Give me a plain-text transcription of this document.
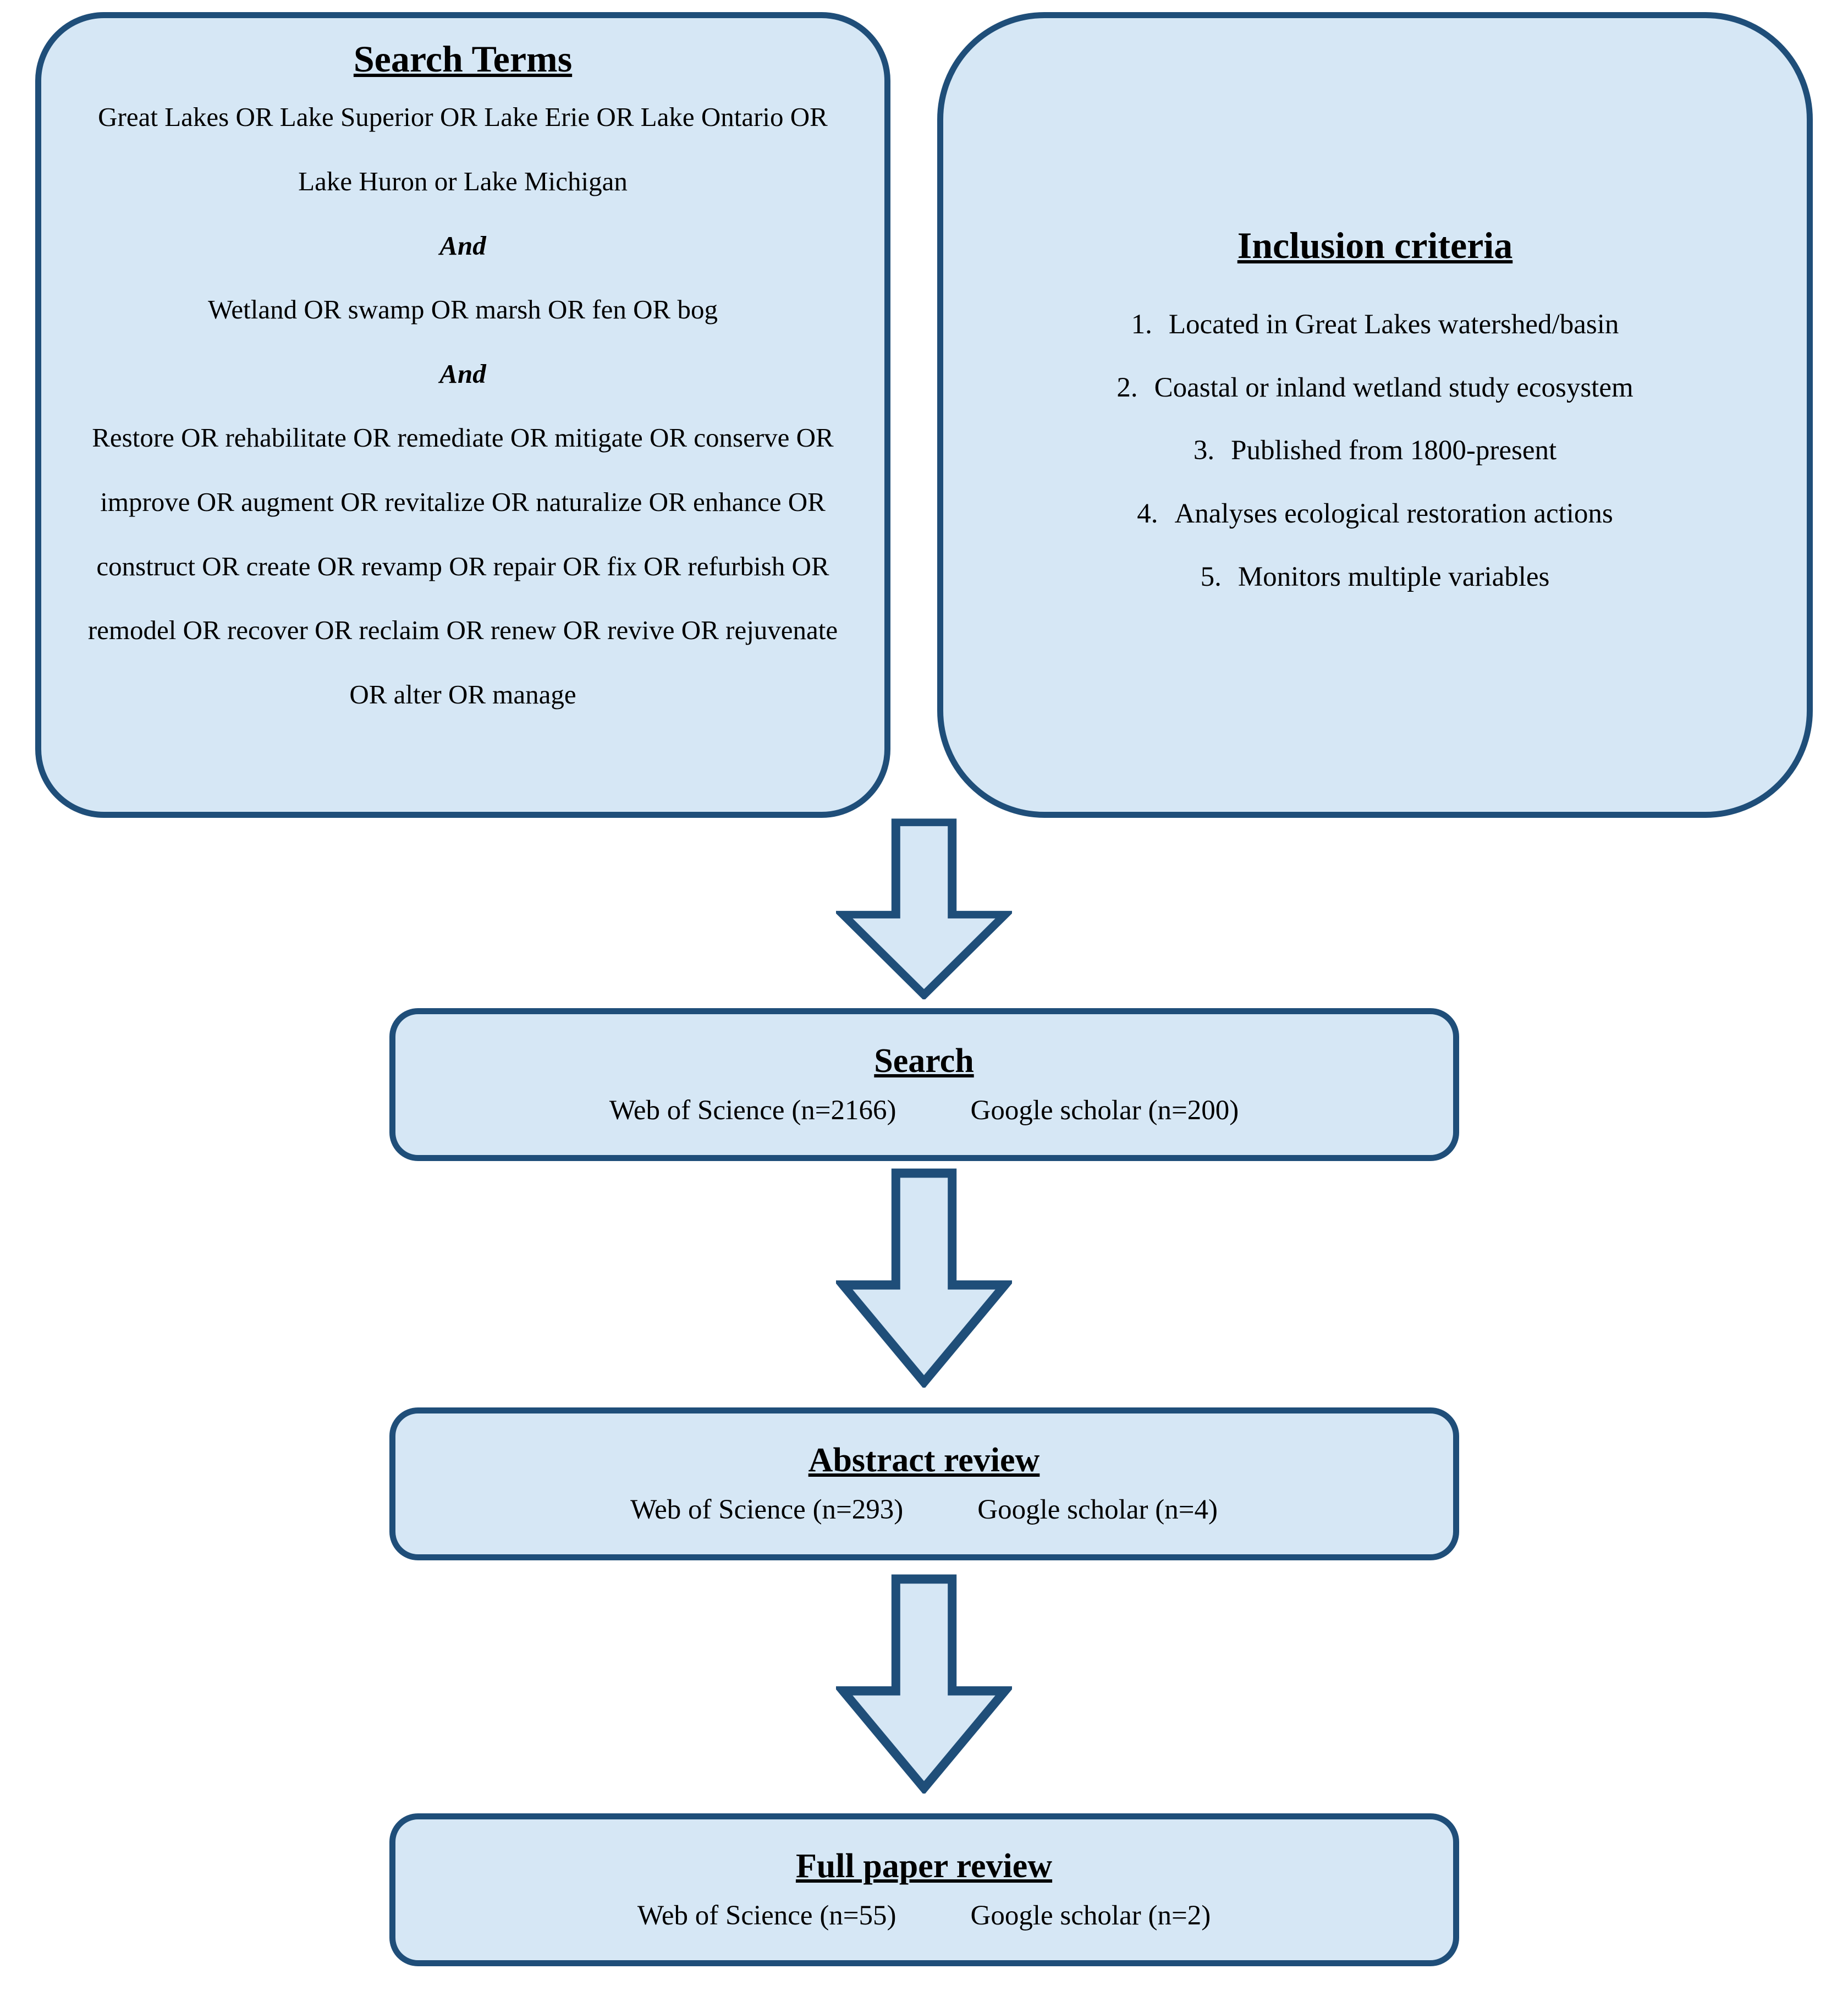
Search Terms
Great Lakes OR Lake Superior OR Lake Erie OR Lake Ontario OR Lake Huron or Lake Michigan
And
Wetland OR swamp OR marsh OR fen OR bog
And
Restore OR rehabilitate OR remediate OR mitigate OR conserve OR improve OR augment OR revitalize OR naturalize OR enhance OR construct OR create OR revamp OR repair OR fix OR refurbish OR remodel OR recover OR reclaim OR renew OR revive OR rejuvenate OR alter OR manage
Inclusion criteria
1. Located in Great Lakes watershed/basin
2. Coastal or inland wetland study ecosystem
3. Published from 1800-present
4. Analyses ecological restoration actions
5. Monitors multiple variables
Search
Web of Science (n=2166)	Google scholar (n=200)
Abstract review
Web of Science (n=293)	Google scholar (n=4)
Full paper review
Web of Science (n=55)	Google scholar (n=2)
